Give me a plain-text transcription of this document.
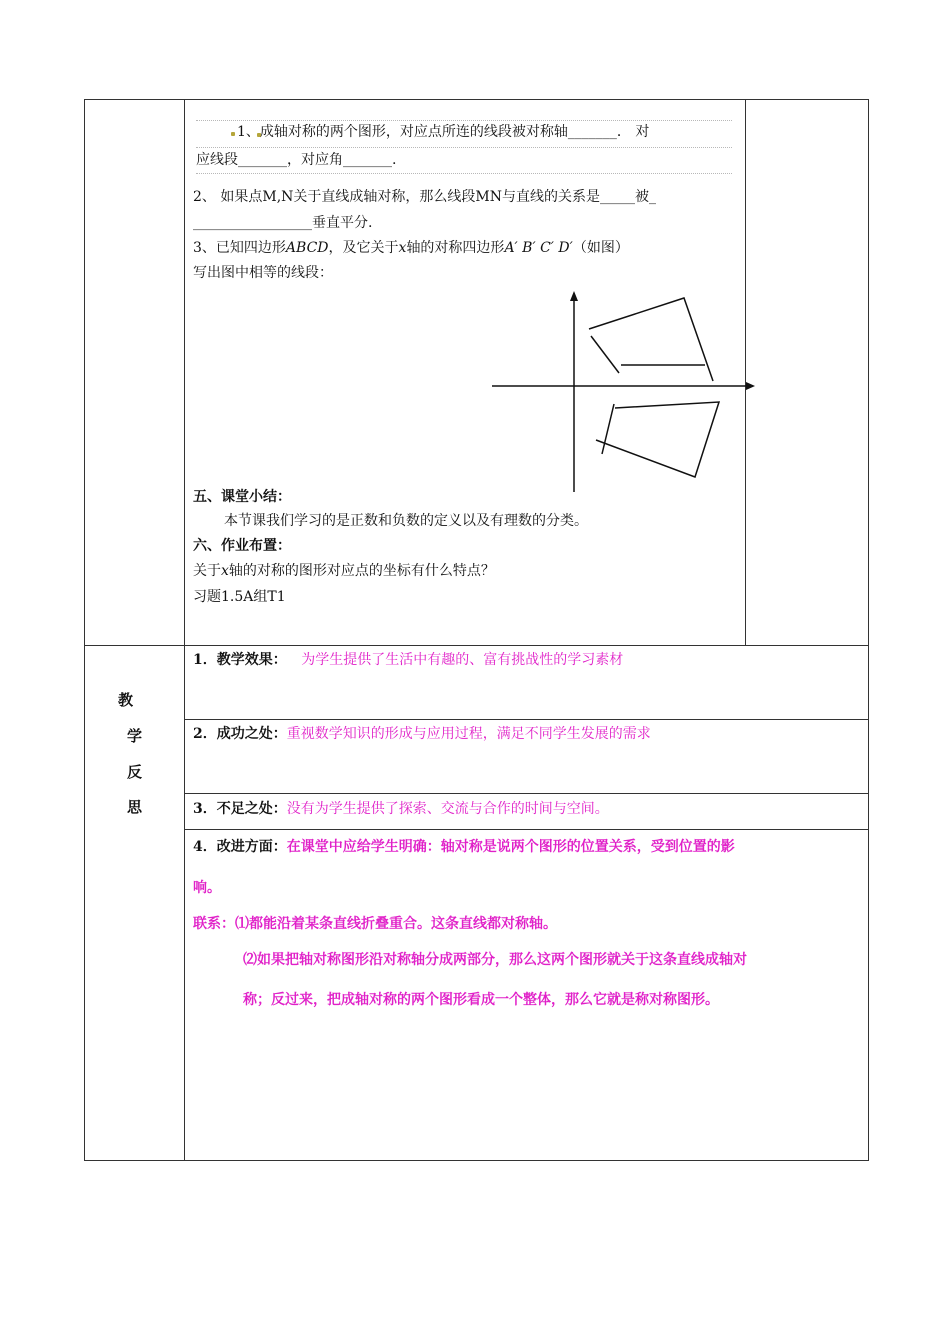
1、成轴对称的两个图形，对应点所连的线段被对称轴_______． 对
应线段_______，对应角_______.
2、 如果点M,N关于直线成轴对称，那么线段MN与直线的关系是_____被_
_________________垂直平分.
3、已知四边形ABCD，及它关于x轴的对称四边形A′ B′ C′ D′（如图）
写出图中相等的线段：
五、课堂小结：
本节课我们学习的是正数和负数的定义以及有理数的分类。
六、作业布置：
关于x轴的对称的图形对应点的坐标有什么特点？
习题1.5A组T1
教
学
反
思
1．教学效果： 为学生提供了生活中有趣的、富有挑战性的学习素材
2．成功之处：重视数学知识的形成与应用过程，满足不同学生发展的需求
3．不足之处：没有为学生提供了探索、交流与合作的时间与空间。
4．改进方面：在课堂中应给学生明确：轴对称是说两个图形的位置关系，受到位置的影
响。
联系：⑴都能沿着某条直线折叠重合。这条直线都对称轴。
⑵如果把轴对称图形沿对称轴分成两部分，那么这两个图形就关于这条直线成轴对
称；反过来，把成轴对称的两个图形看成一个整体，那么它就是称对称图形。
